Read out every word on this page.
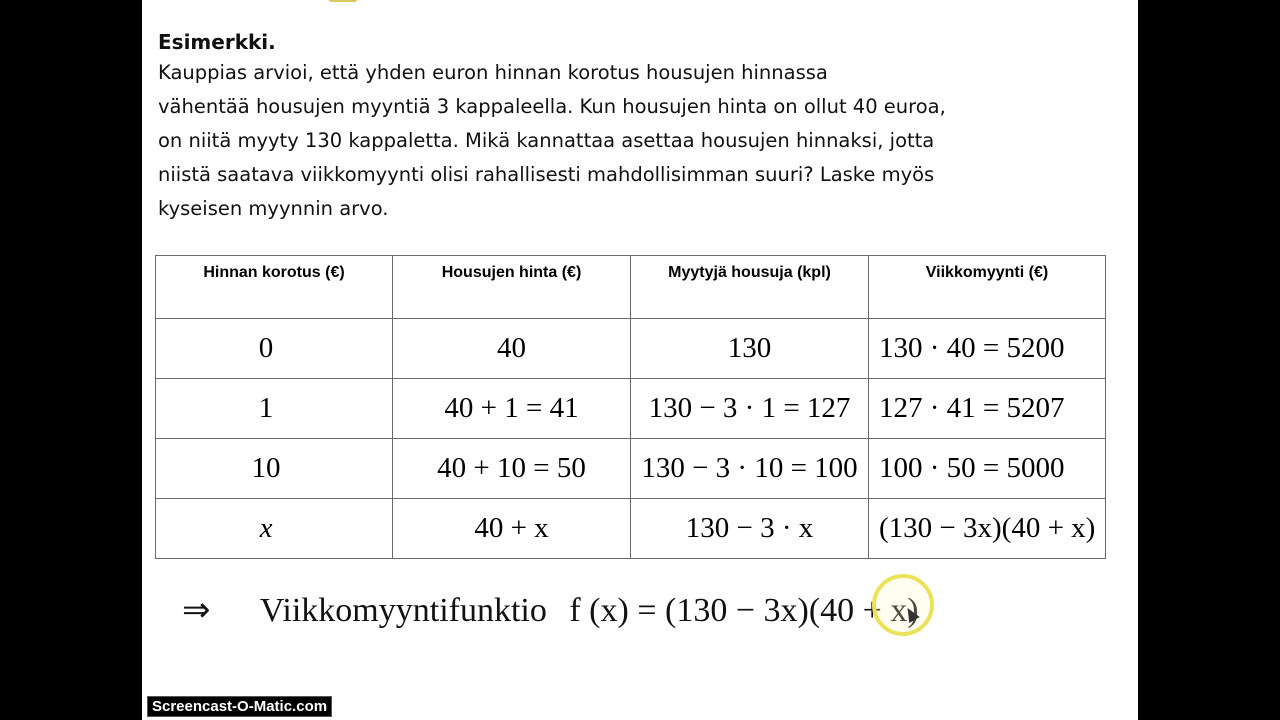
Esimerkki.

Kauppias arvioi, että yhden euron hinnan korotus housujen hinnassa

vähentää housujen myyntiä 3 kappaleella. Kun housujen hinta on ollut 40 euroa,

on niitä myyty 130 kappaletta. Mikä kannattaa asettaa housujen hinnaksi, jotta

niistä saatava viikkomyynti olisi rahallisesti mahdollisimman suuri? Laske myös

kyseisen myynnin arvo.

Hinnan korotus (€)	Housujen hinta (€)	Myytyjä housuja (kpl)	Viikkomyynti (€)
0	40	130	130 · 40 = 5200
1	40 + 1 = 41	130 − 3 · 1 = 127	127 · 41 = 5207
10	40 + 10 = 50	130 − 3 · 10 = 100	100 · 50 = 5000
x	40 + x	130 − 3 · x	(130 − 3x)(40 + x)
⇒ Viikkomyyntifunktio f (x) = (130 − 3x)(40 + x)
Screencast-O-Matic.com
